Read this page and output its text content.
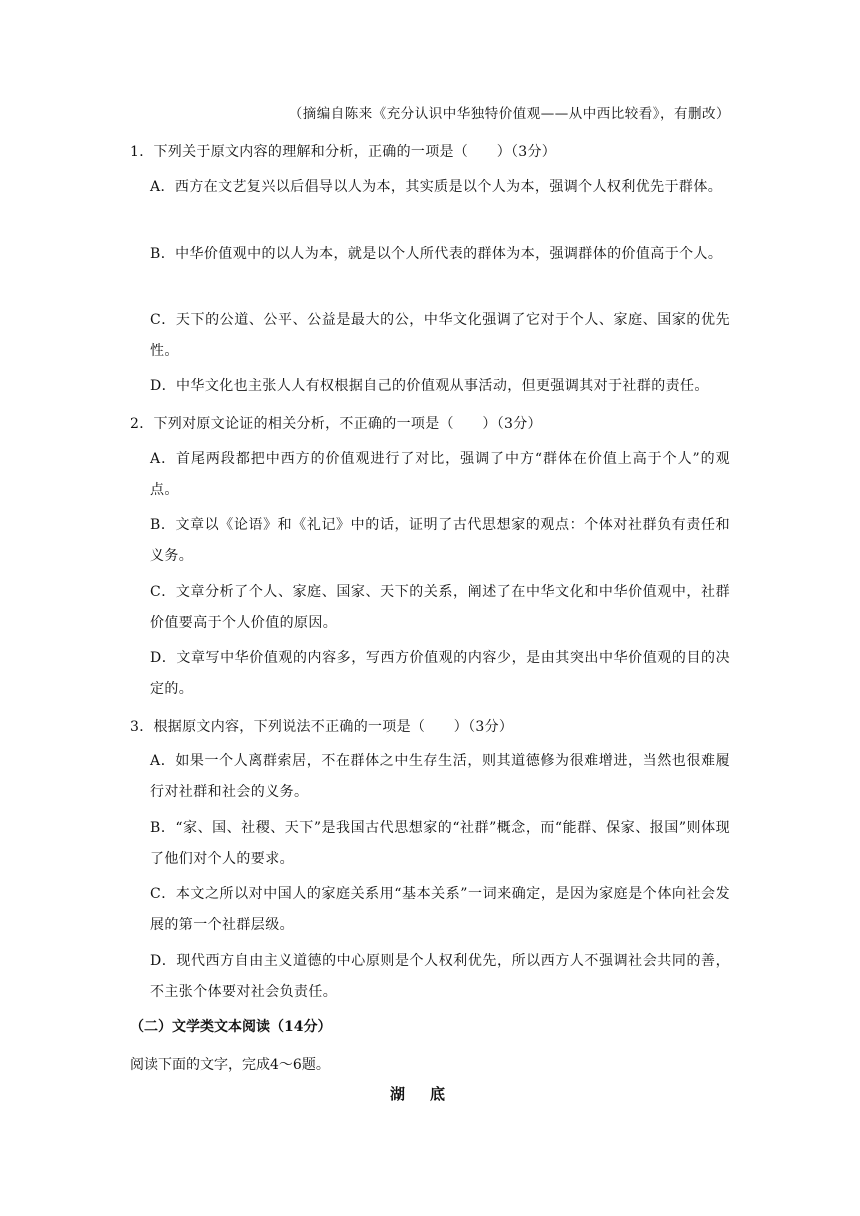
（摘编自陈来《充分认识中华独特价值观——从中西比较看》，有删改）
1．下列关于原文内容的理解和分析，正确的一项是（　　）（3分）
A．西方在文艺复兴以后倡导以人为本，其实质是以个人为本，强调个人权利优先于群体。
B．中华价值观中的以人为本，就是以个人所代表的群体为本，强调群体的价值高于个人。
C．天下的公道、公平、公益是最大的公，中华文化强调了它对于个人、家庭、国家的优先性。
D．中华文化也主张人人有权根据自己的价值观从事活动，但更强调其对于社群的责任。
2．下列对原文论证的相关分析，不正确的一项是（　　）（3分）
A．首尾两段都把中西方的价值观进行了对比，强调了中方“群体在价值上高于个人”的观点。
B．文章以《论语》和《礼记》中的话，证明了古代思想家的观点：个体对社群负有责任和义务。
C．文章分析了个人、家庭、国家、天下的关系，阐述了在中华文化和中华价值观中，社群价值要高于个人价值的原因。
D．文章写中华价值观的内容多，写西方价值观的内容少，是由其突出中华价值观的目的决定的。
3．根据原文内容，下列说法不正确的一项是（　　）（3分）
A．如果一个人离群索居，不在群体之中生存生活，则其道德修为很难增进，当然也很难履行对社群和社会的义务。
B．“家、国、社稷、天下”是我国古代思想家的“社群”概念，而“能群、保家、报国”则体现了他们对个人的要求。
C．本文之所以对中国人的家庭关系用“基本关系”一词来确定，是因为家庭是个体向社会发展的第一个社群层级。
D．现代西方自由主义道德的中心原则是个人权利优先，所以西方人不强调社会共同的善，不主张个体要对社会负责任。
（二）文学类文本阅读（14分）
阅读下面的文字，完成4～6题。
湖底
